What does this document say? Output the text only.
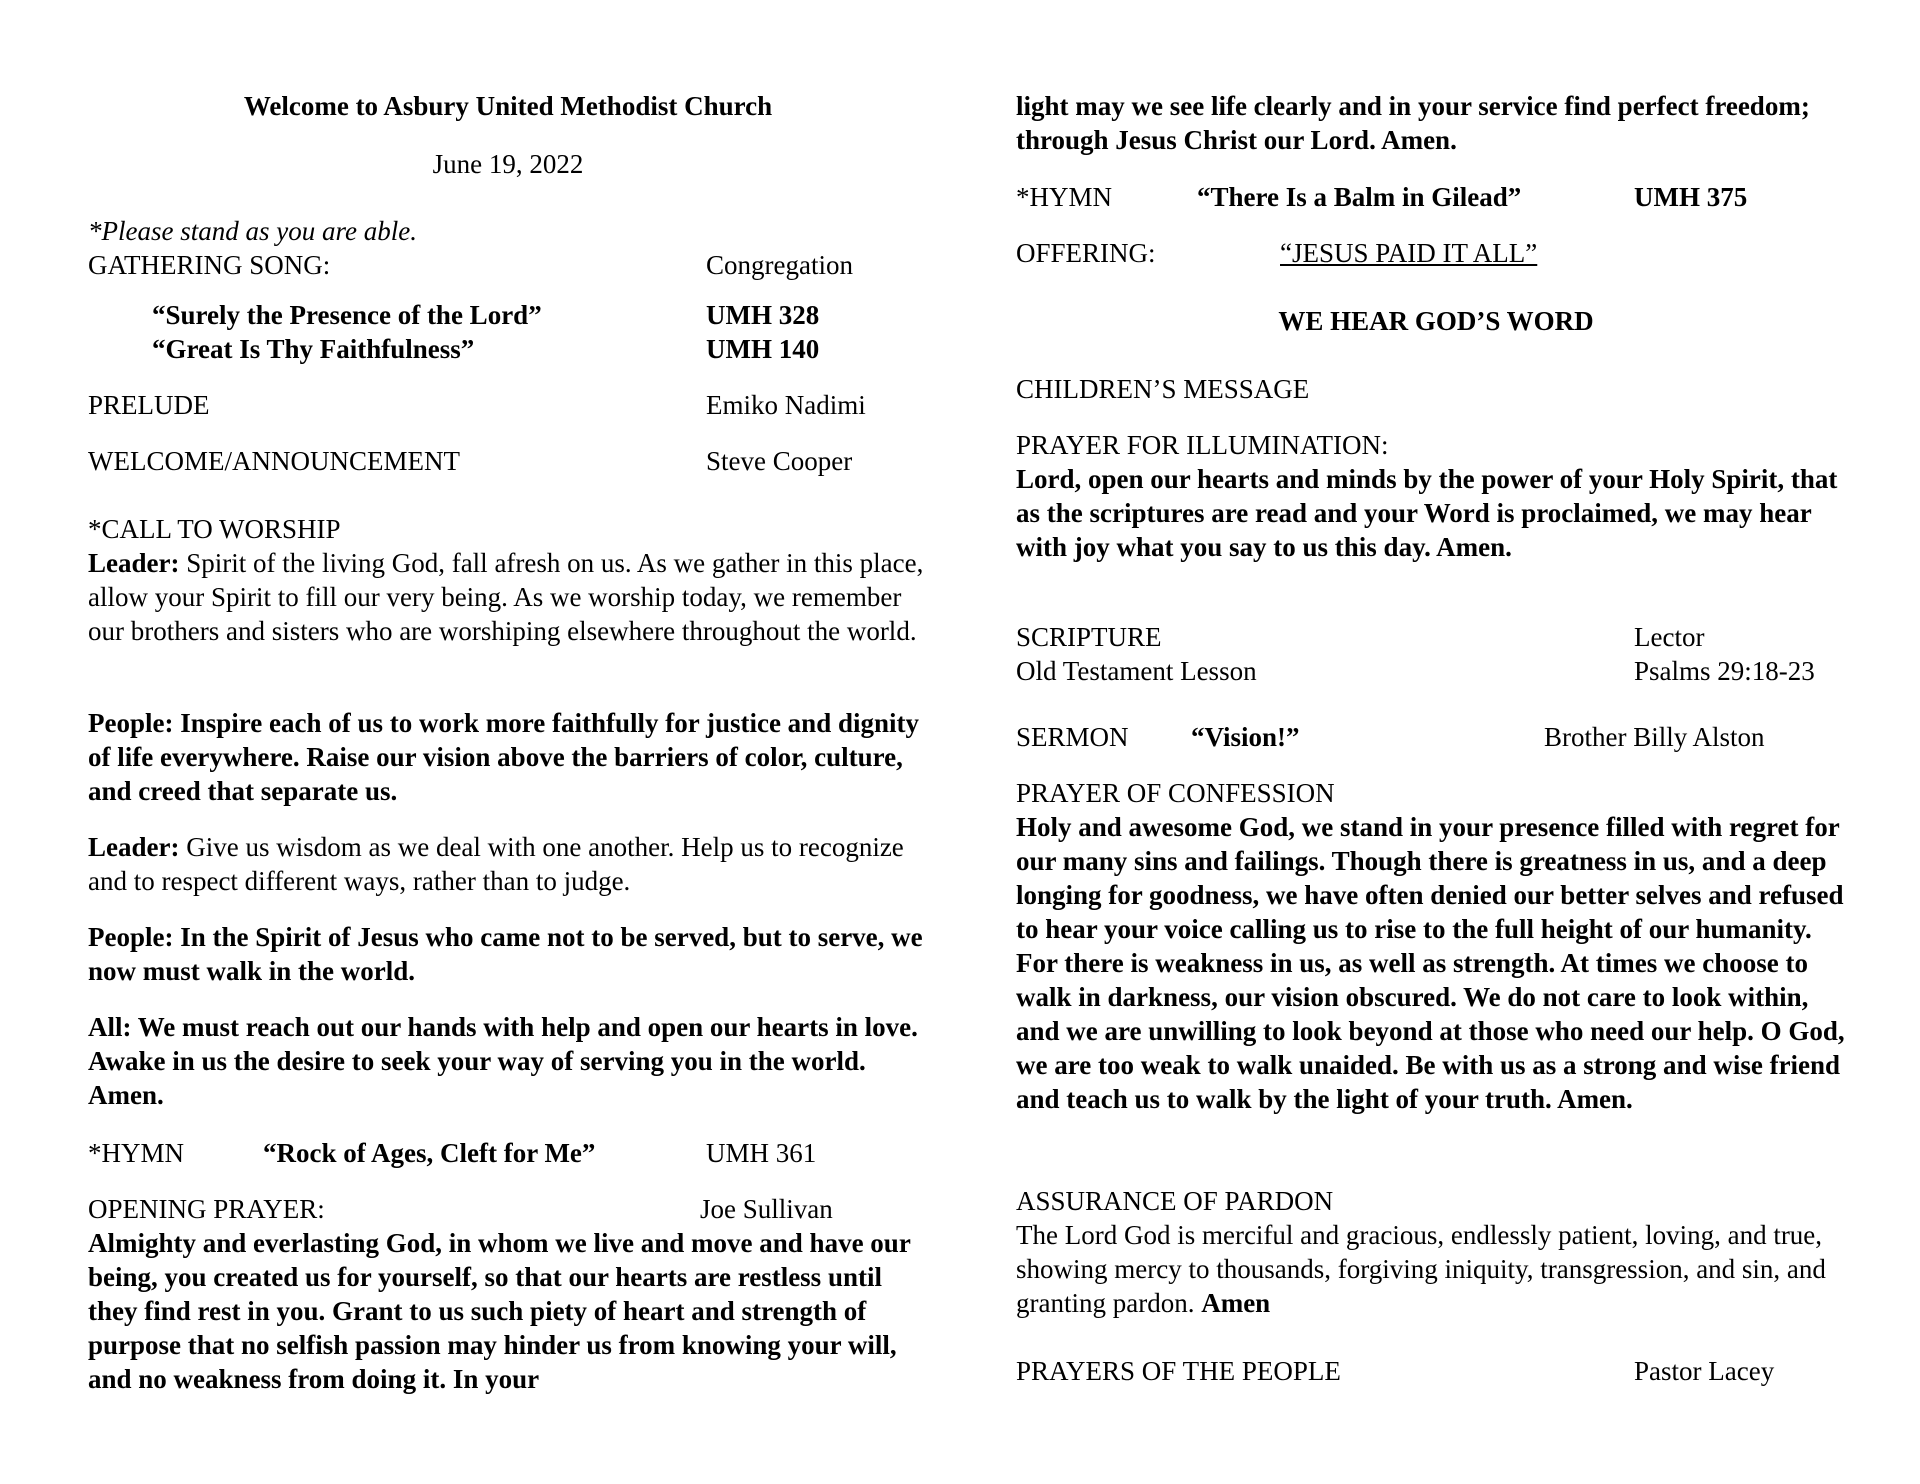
Welcome to Asbury United Methodist Church
June 19, 2022
*Please stand as you are able.
GATHERING SONG:	Congregation
“Surely the Presence of the Lord”	UMH 328
“Great Is Thy Faithfulness”	UMH 140
PRELUDE	Emiko Nadimi
WELCOME/ANNOUNCEMENT	Steve Cooper
*CALL TO WORSHIP
Leader: Spirit of the living God, fall afresh on us. As we gather in this place, allow your Spirit to fill our very being. As we worship today, we remember our brothers and sisters who are worshiping elsewhere throughout the world.
People: Inspire each of us to work more faithfully for justice and dignity of life everywhere. Raise our vision above the barriers of color, culture, and creed that separate us.
Leader: Give us wisdom as we deal with one another. Help us to recognize and to respect different ways, rather than to judge.
People: In the Spirit of Jesus who came not to be served, but to serve, we now must walk in the world.
All: We must reach out our hands with help and open our hearts in love. Awake in us the desire to seek your way of serving you in the world. Amen.
*HYMN	“Rock of Ages, Cleft for Me”	UMH 361
OPENING PRAYER:	Joe Sullivan
Almighty and everlasting God, in whom we live and move and have our being, you created us for yourself, so that our hearts are restless until they find rest in you. Grant to us such piety of heart and strength of purpose that no selfish passion may hinder us from knowing your will, and no weakness from doing it. In your
light may we see life clearly and in your service find perfect freedom; through Jesus Christ our Lord. Amen.
*HYMN	“There Is a Balm in Gilead”	UMH 375
OFFERING:	“JESUS PAID IT ALL”
WE HEAR GOD’S WORD
CHILDREN’S MESSAGE
PRAYER FOR ILLUMINATION:
Lord, open our hearts and minds by the power of your Holy Spirit, that as the scriptures are read and your Word is proclaimed, we may hear with joy what you say to us this day. Amen.
SCRIPTURE	Lector
Old Testament Lesson	Psalms 29:18-23
SERMON “Vision!”	Brother Billy Alston
PRAYER OF CONFESSION
Holy and awesome God, we stand in your presence filled with regret for our many sins and failings. Though there is greatness in us, and a deep longing for goodness, we have often denied our better selves and refused to hear your voice calling us to rise to the full height of our humanity. For there is weakness in us, as well as strength. At times we choose to walk in darkness, our vision obscured. We do not care to look within, and we are unwilling to look beyond at those who need our help. O God, we are too weak to walk unaided. Be with us as a strong and wise friend and teach us to walk by the light of your truth. Amen.
ASSURANCE OF PARDON
The Lord God is merciful and gracious, endlessly patient, loving, and true, showing mercy to thousands, forgiving iniquity, transgression, and sin, and granting pardon. Amen
PRAYERS OF THE PEOPLE	Pastor Lacey
